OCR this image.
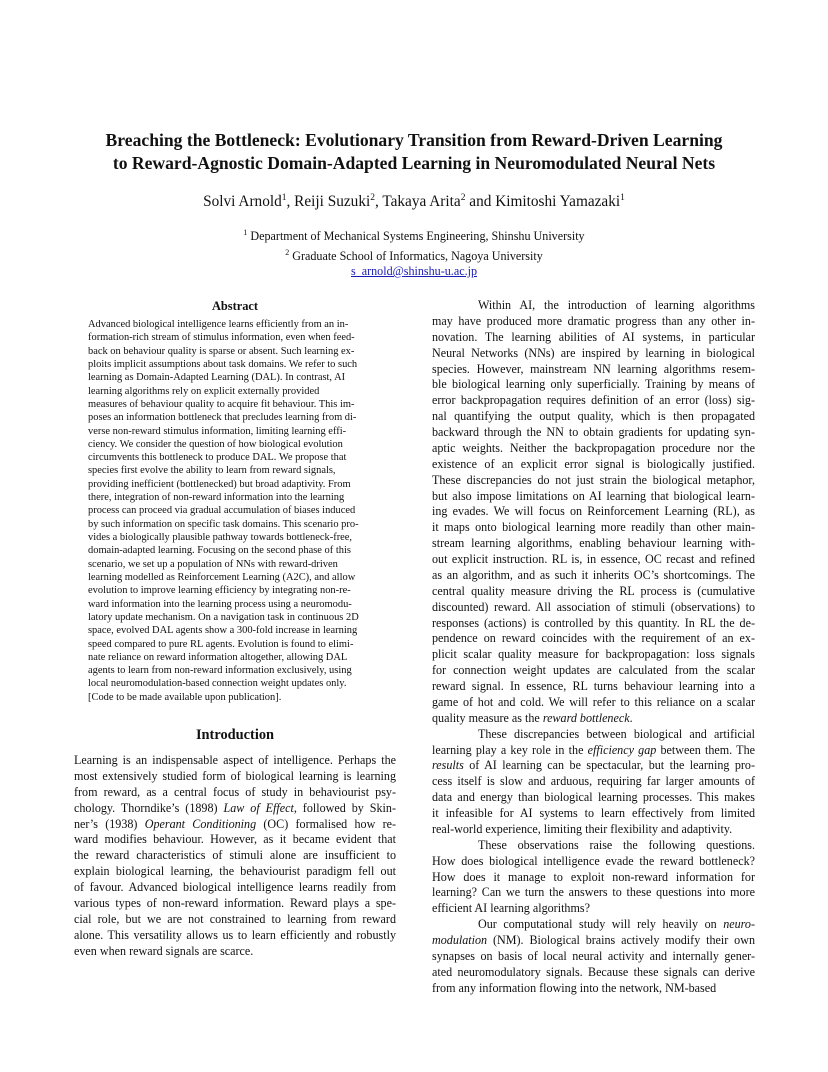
Breaching the Bottleneck: Evolutionary Transition from Reward-Driven Learning
to Reward-Agnostic Domain-Adapted Learning in Neuromodulated Neural Nets
Solvi Arnold$^1$, Reiji Suzuki$^2$, Takaya Arita$^2$ and Kimitoshi Yamazaki$^1$
$^1$ Department of Mechanical Systems Engineering, Shinshu University
$^2$ Graduate School of Informatics, Nagoya University
s_arnold@shinshu-u.ac.jp
Abstract
Advanced biological intelligence learns efficiently from an in-
formation-rich stream of stimulus information, even when feed-
back on behaviour quality is sparse or absent. Such learning ex-
ploits implicit assumptions about task domains. We refer to such
learning as Domain-Adapted Learning (DAL). In contrast, AI
learning algorithms rely on explicit externally provided
measures of behaviour quality to acquire fit behaviour. This im-
poses an information bottleneck that precludes learning from di-
verse non-reward stimulus information, limiting learning effi-
ciency. We consider the question of how biological evolution
circumvents this bottleneck to produce DAL. We propose that
species first evolve the ability to learn from reward signals,
providing inefficient (bottlenecked) but broad adaptivity. From
there, integration of non-reward information into the learning
process can proceed via gradual accumulation of biases induced
by such information on specific task domains. This scenario pro-
vides a biologically plausible pathway towards bottleneck-free,
domain-adapted learning. Focusing on the second phase of this
scenario, we set up a population of NNs with reward-driven
learning modelled as Reinforcement Learning (A2C), and allow
evolution to improve learning efficiency by integrating non-re-
ward information into the learning process using a neuromodu-
latory update mechanism. On a navigation task in continuous 2D
space, evolved DAL agents show a 300-fold increase in learning
speed compared to pure RL agents. Evolution is found to elimi-
nate reliance on reward information altogether, allowing DAL
agents to learn from non-reward information exclusively, using
local neuromodulation-based connection weight updates only.
[Code to be made available upon publication].
Introduction
Learning is an indispensable aspect of intelligence. Perhaps the
most extensively studied form of biological learning is learning
from reward, as a central focus of study in behaviourist psy-
chology. Thorndike’s (1898) Law of Effect, followed by Skin-
ner’s (1938) Operant Conditioning (OC) formalised how re-
ward modifies behaviour. However, as it became evident that
the reward characteristics of stimuli alone are insufficient to
explain biological learning, the behaviourist paradigm fell out
of favour. Advanced biological intelligence learns readily from
various types of non-reward information. Reward plays a spe-
cial role, but we are not constrained to learning from reward
alone. This versatility allows us to learn efficiently and robustly
even when reward signals are scarce.
Within AI, the introduction of learning algorithms
may have produced more dramatic progress than any other in-
novation. The learning abilities of AI systems, in particular
Neural Networks (NNs) are inspired by learning in biological
species. However, mainstream NN learning algorithms resem-
ble biological learning only superficially. Training by means of
error backpropagation requires definition of an error (loss) sig-
nal quantifying the output quality, which is then propagated
backward through the NN to obtain gradients for updating syn-
aptic weights. Neither the backpropagation procedure nor the
existence of an explicit error signal is biologically justified.
These discrepancies do not just strain the biological metaphor,
but also impose limitations on AI learning that biological learn-
ing evades. We will focus on Reinforcement Learning (RL), as
it maps onto biological learning more readily than other main-
stream learning algorithms, enabling behaviour learning with-
out explicit instruction. RL is, in essence, OC recast and refined
as an algorithm, and as such it inherits OC’s shortcomings. The
central quality measure driving the RL process is (cumulative
discounted) reward. All association of stimuli (observations) to
responses (actions) is controlled by this quantity. In RL the de-
pendence on reward coincides with the requirement of an ex-
plicit scalar quality measure for backpropagation: loss signals
for connection weight updates are calculated from the scalar
reward signal. In essence, RL turns behaviour learning into a
game of hot and cold. We will refer to this reliance on a scalar
quality measure as the reward bottleneck.
These discrepancies between biological and artificial
learning play a key role in the efficiency gap between them. The
results of AI learning can be spectacular, but the learning pro-
cess itself is slow and arduous, requiring far larger amounts of
data and energy than biological learning processes. This makes
it infeasible for AI systems to learn effectively from limited
real-world experience, limiting their flexibility and adaptivity.
These observations raise the following questions.
How does biological intelligence evade the reward bottleneck?
How does it manage to exploit non-reward information for
learning? Can we turn the answers to these questions into more
efficient AI learning algorithms?
Our computational study will rely heavily on neuro-
modulation (NM). Biological brains actively modify their own
synapses on basis of local neural activity and internally gener-
ated neuromodulatory signals. Because these signals can derive
from any information flowing into the network, NM-based
